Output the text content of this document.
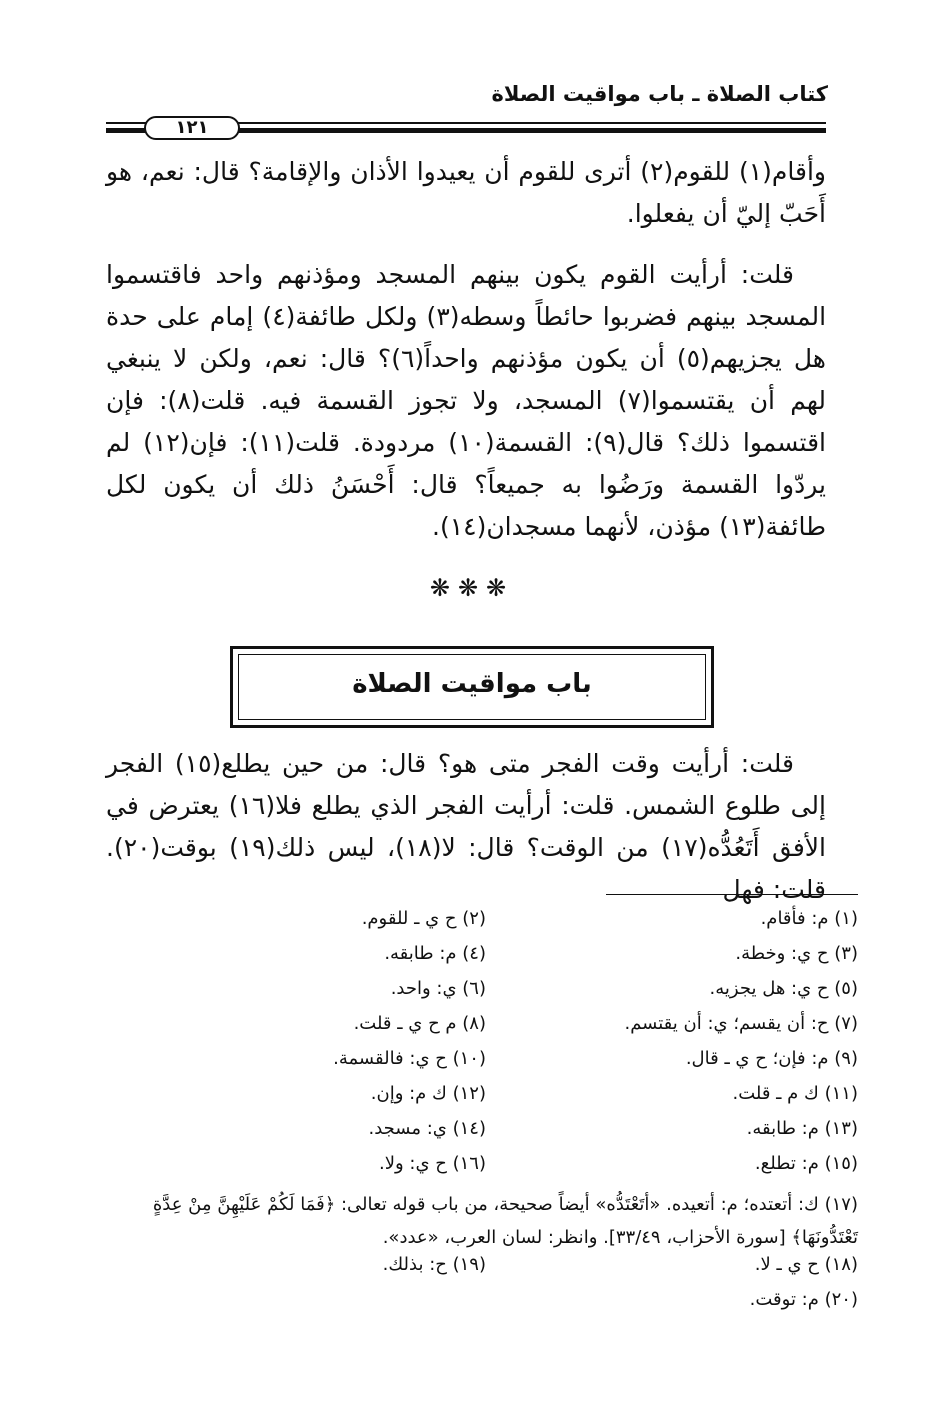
كتاب الصلاة ـ باب مواقيت الصلاة
١٢١

وأقام(١) للقوم(٢) أترى للقوم أن يعيدوا الأذان والإقامة؟ قال: نعم، هو أَحَبّ إليّ أن يفعلوا.

قلت: أرأيت القوم يكون بينهم المسجد ومؤذنهم واحد فاقتسموا المسجد بينهم فضربوا حائطاً وسطه(٣) ولكل طائفة(٤) إمام على حدة هل يجزيهم(٥) أن يكون مؤذنهم واحداً(٦)؟ قال: نعم، ولكن لا ينبغي لهم أن يقتسموا(٧) المسجد، ولا تجوز القسمة فيه. قلت(٨): فإن اقتسموا ذلك؟ قال(٩): القسمة(١٠) مردودة. قلت(١١): فإن(١٢) لم يردّوا القسمة ورَضُوا به جميعاً؟ قال: أَحْسَنُ ذلك أن يكون لكل طائفة(١٣) مؤذن، لأنهما مسجدان(١٤).

❋❋❋
باب مواقيت الصلاة

قلت: أرأيت وقت الفجر متى هو؟ قال: من حين يطلع(١٥) الفجر إلى طلوع الشمس. قلت: أرأيت الفجر الذي يطلع فلا(١٦) يعترض في الأفق أَتَعُدُّه(١٧) من الوقت؟ قال: لا(١٨)، ليس ذلك(١٩) بوقت(٢٠). قلت: فهل

(١) م: فأقام.
(٢) ح ي ـ للقوم.
(٣) ح ي: وخطة.
(٤) م: طابقه.
(٥) ح ي: هل يجزيه.
(٦) ي: واحد.
(٧) ح: أن يقسم؛ ي: أن يقتسم.
(٨) م ح ي ـ قلت.
(٩) م: فإن؛ ح ي ـ قال.
(١٠) ح ي: فالقسمة.
(١١) ك م ـ قلت.
(١٢) ك م: وإن.
(١٣) م: طابقه.
(١٤) ي: مسجد.
(١٥) م: تطلع.
(١٦) ح ي: ولا.
(١٧) ك: أتعتده؛ م: أتعيده. «أتَعْتَدُّه» أيضاً صحيحة، من باب قوله تعالى: ﴿فَمَا لَكُمْ عَلَيْهِنَّ مِنْ عِدَّةٍ تَعْتَدُّونَهَا﴾ [سورة الأحزاب، ٣٣/٤٩]. وانظر: لسان العرب، «عدد».
(١٨) ح ي ـ لا.
(١٩) ح: بذلك.
(٢٠) م: توقت.
